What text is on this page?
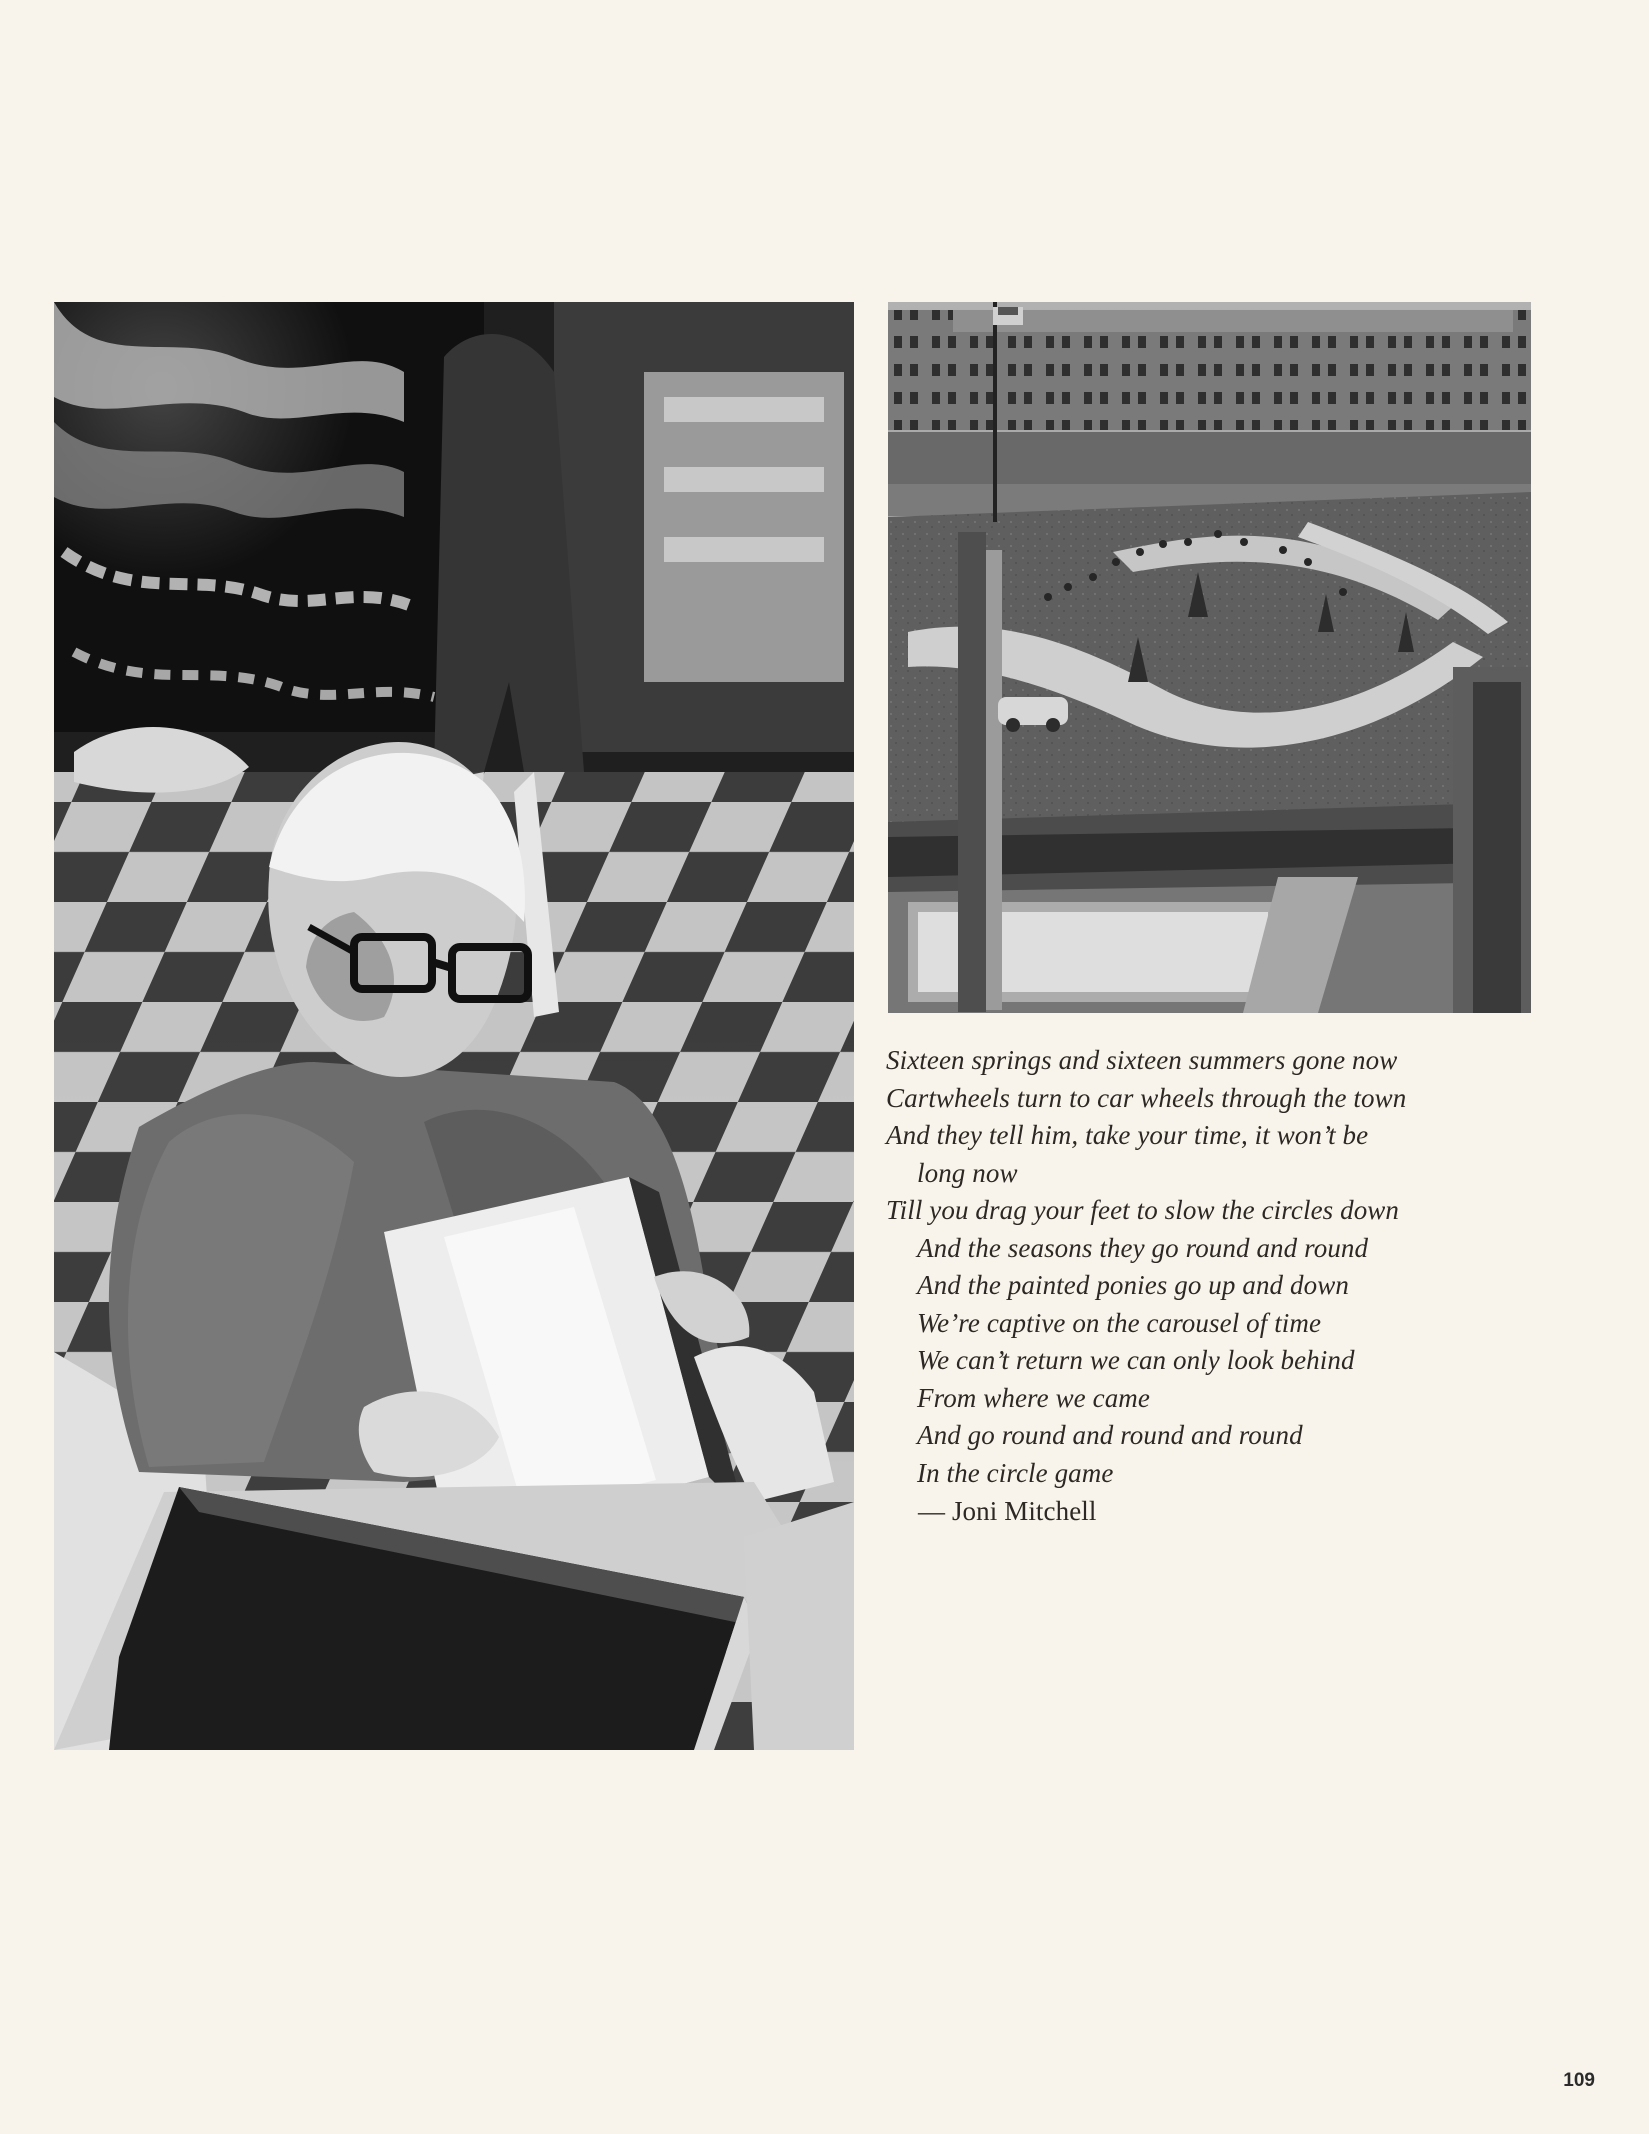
Sixteen springs and sixteen summers gone now
Cartwheels turn to car wheels through the town
And they tell him, take your time, it won’t be
long now
Till you drag your feet to slow the circles down
And the seasons they go round and round
And the painted ponies go up and down
We’re captive on the carousel of time
We can’t return we can only look behind
From where we came
And go round and round and round
In the circle game
— Joni Mitchell
109
